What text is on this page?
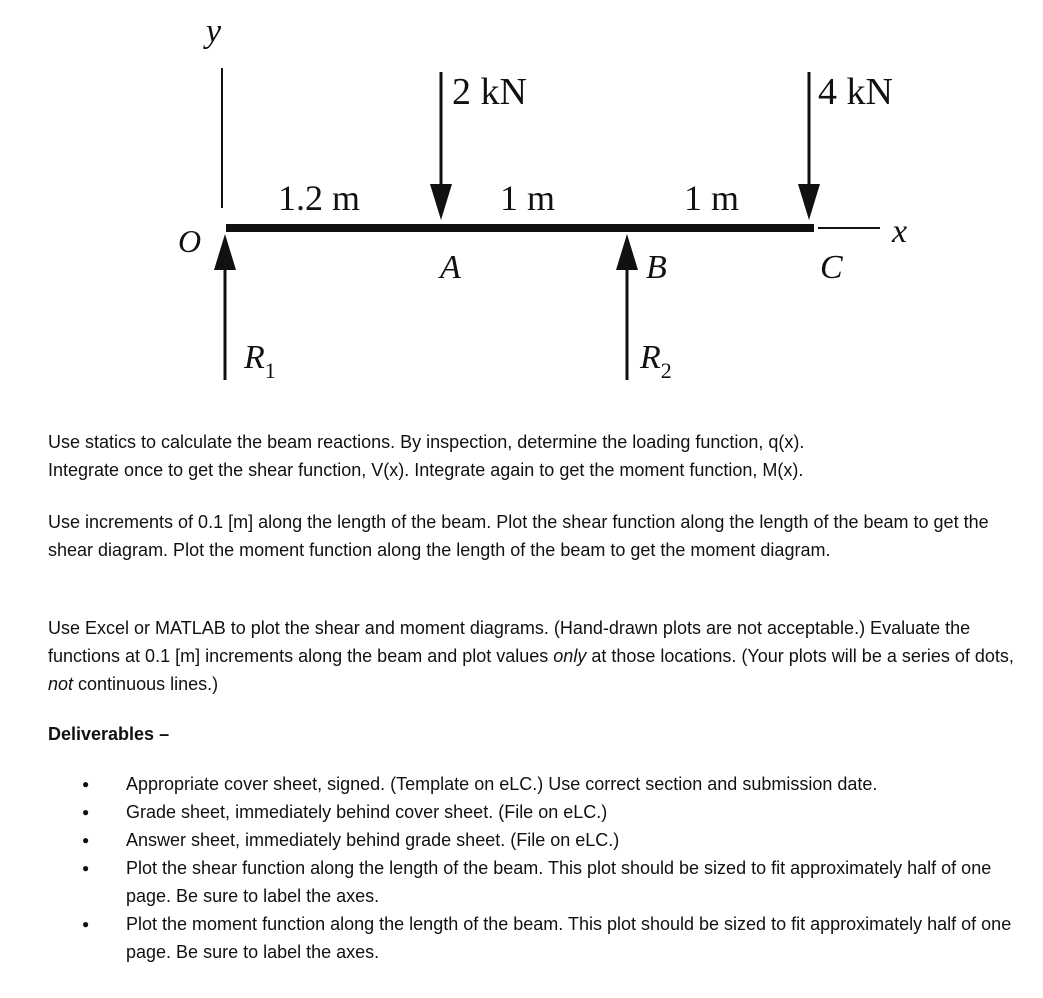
y
x
O
$R_1$	$R_2$
2 kN	4 kN
1.2 m	1 m	1 m
A	B	C
Use statics to calculate the beam reactions. By inspection, determine the loading function, q(x).
Integrate once to get the shear function, V(x). Integrate again to get the moment function, M(x).

Use increments of 0.1 [m] along the length of the beam. Plot the shear function along the length of the beam to get the shear diagram. Plot the moment function along the length of the beam to get the moment diagram.

Use Excel or MATLAB to plot the shear and moment diagrams. (Hand-drawn plots are not acceptable.) Evaluate the functions at 0.1 [m] increments along the beam and plot values only at those locations. (Your plots will be a series of dots, not continuous lines.)

Deliverables –
● Appropriate cover sheet, signed. (Template on eLC.) Use correct section and submission date.
● Grade sheet, immediately behind cover sheet. (File on eLC.)
● Answer sheet, immediately behind grade sheet. (File on eLC.)
● Plot the shear function along the length of the beam. This plot should be sized to fit approximately half of one page. Be sure to label the axes.
● Plot the moment function along the length of the beam. This plot should be sized to fit approximately half of one page. Be sure to label the axes.
